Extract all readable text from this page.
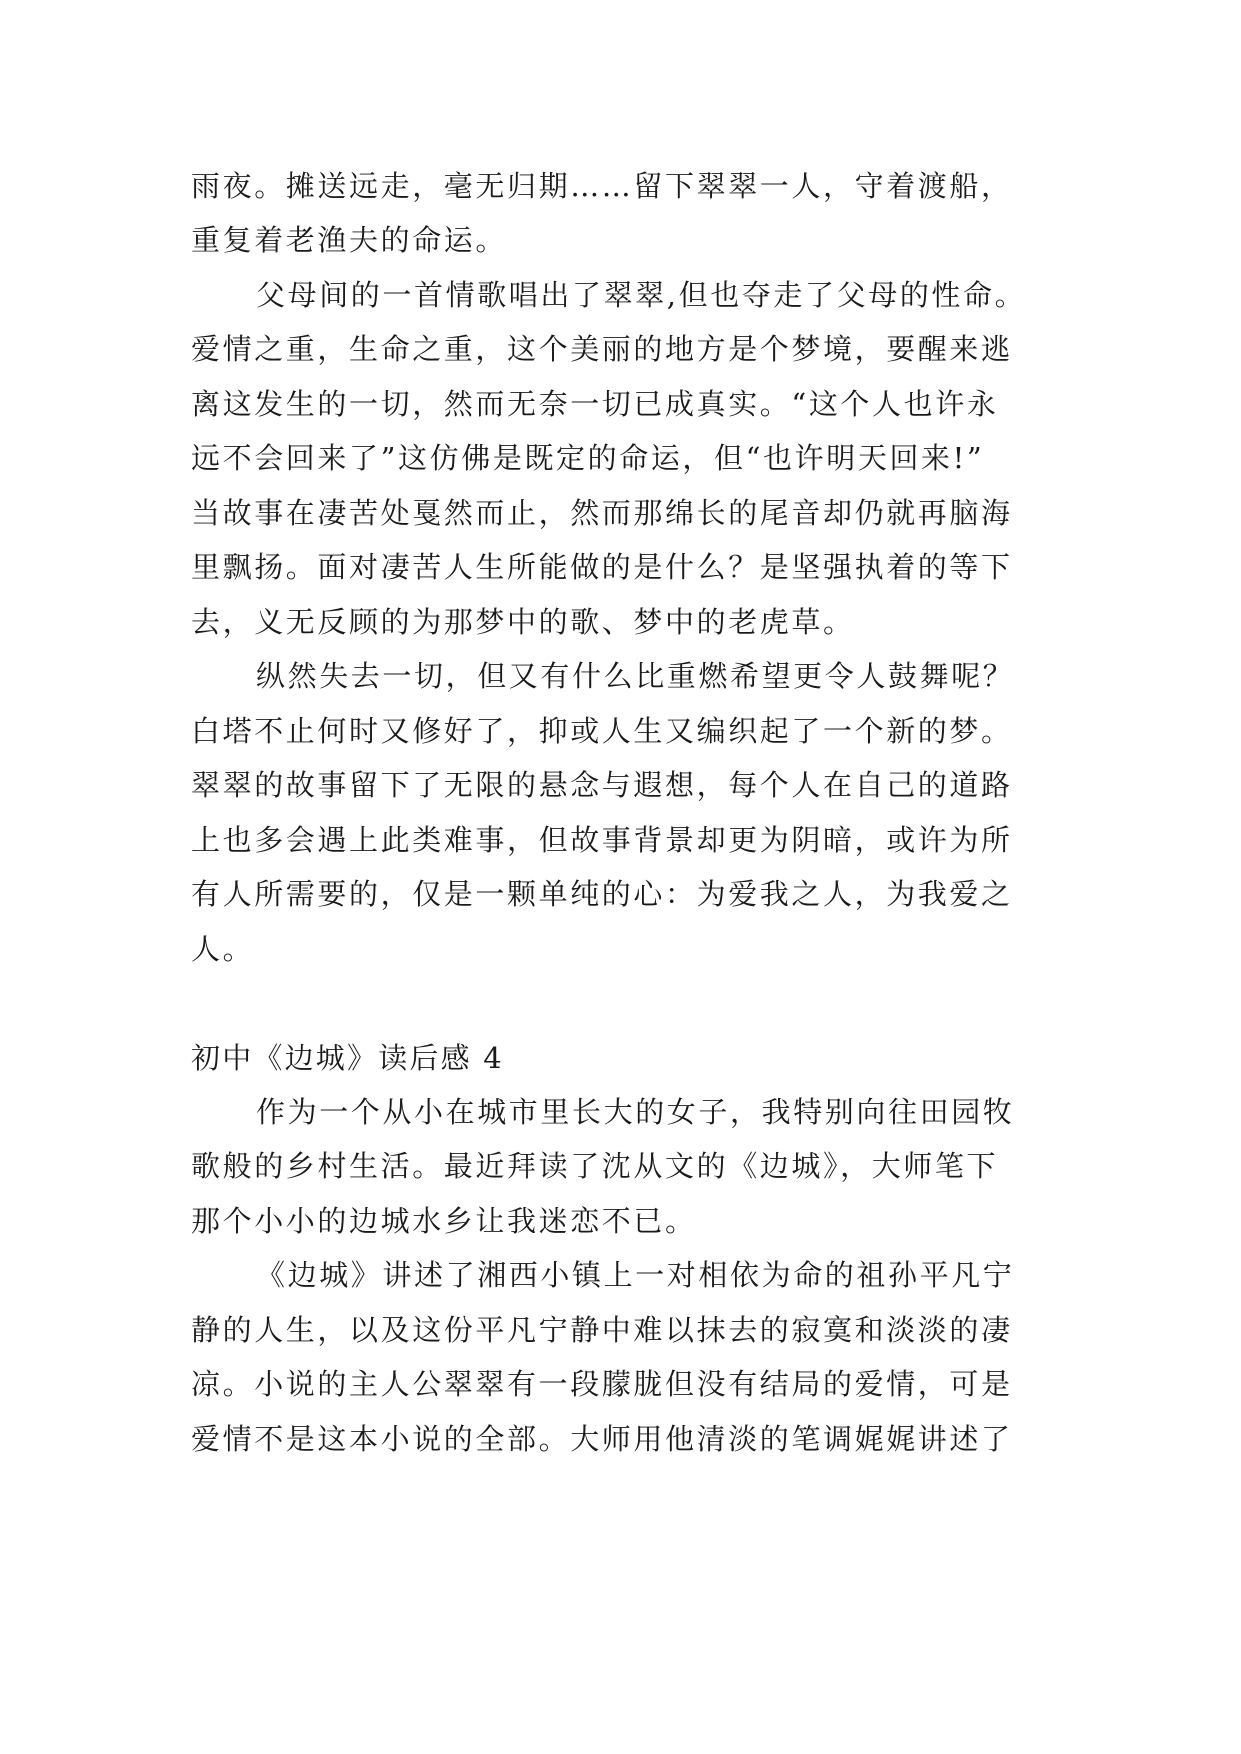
雨夜。摊送远走，毫无归期……留下翠翠一人，守着渡船，

重复着老渔夫的命运。

父母间的一首情歌唱出了翠翠,但也夺走了父母的性命。

爱情之重，生命之重，这个美丽的地方是个梦境，要醒来逃

离这发生的一切，然而无奈一切已成真实。“这个人也许永

远不会回来了”这仿佛是既定的命运，但“也许明天回来!”

当故事在凄苦处戛然而止，然而那绵长的尾音却仍就再脑海

里飘扬。面对凄苦人生所能做的是什么？是坚强执着的等下

去，义无反顾的为那梦中的歌、梦中的老虎草。

纵然失去一切，但又有什么比重燃希望更令人鼓舞呢？

白塔不止何时又修好了，抑或人生又编织起了一个新的梦。

翠翠的故事留下了无限的悬念与遐想，每个人在自己的道路

上也多会遇上此类难事，但故事背景却更为阴暗，或许为所

有人所需要的，仅是一颗单纯的心：为爱我之人，为我爱之

人。

初中《边城》读后感 4

作为一个从小在城市里长大的女子，我特别向往田园牧

歌般的乡村生活。最近拜读了沈从文的《边城》，大师笔下

那个小小的边城水乡让我迷恋不已。

《边城》讲述了湘西小镇上一对相依为命的祖孙平凡宁

静的人生，以及这份平凡宁静中难以抹去的寂寞和淡淡的凄

凉。小说的主人公翠翠有一段朦胧但没有结局的爱情，可是

爱情不是这本小说的全部。大师用他清淡的笔调娓娓讲述了
